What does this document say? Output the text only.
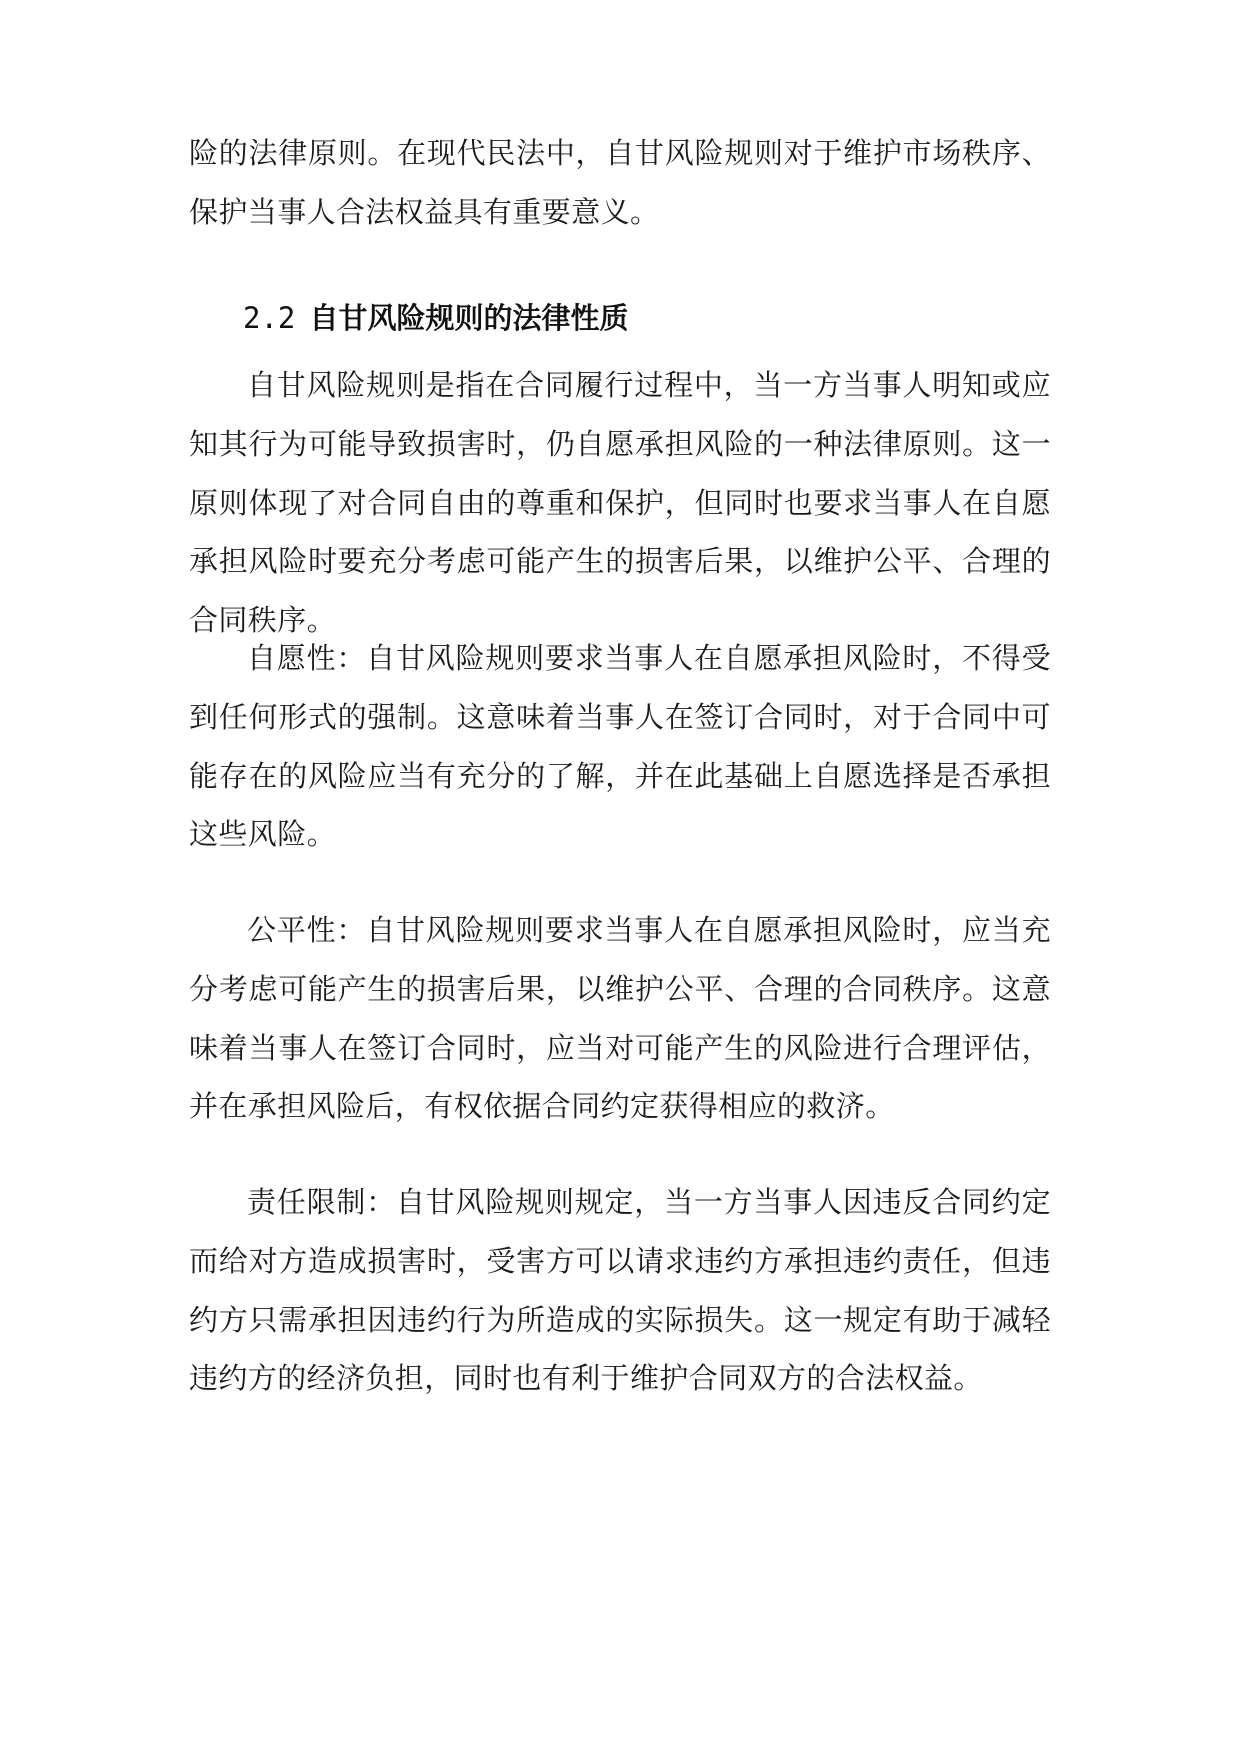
险的法律原则。在现代民法中，自甘风险规则对于维护市场秩序、保护当事人合法权益具有重要意义。

2.2 自甘风险规则的法律性质

自甘风险规则是指在合同履行过程中，当一方当事人明知或应知其行为可能导致损害时，仍自愿承担风险的一种法律原则。这一原则体现了对合同自由的尊重和保护，但同时也要求当事人在自愿承担风险时要充分考虑可能产生的损害后果，以维护公平、合理的合同秩序。

自愿性：自甘风险规则要求当事人在自愿承担风险时，不得受到任何形式的强制。这意味着当事人在签订合同时，对于合同中可能存在的风险应当有充分的了解，并在此基础上自愿选择是否承担这些风险。

公平性：自甘风险规则要求当事人在自愿承担风险时，应当充分考虑可能产生的损害后果，以维护公平、合理的合同秩序。这意味着当事人在签订合同时，应当对可能产生的风险进行合理评估，并在承担风险后，有权依据合同约定获得相应的救济。

责任限制：自甘风险规则规定，当一方当事人因违反合同约定而给对方造成损害时，受害方可以请求违约方承担违约责任，但违约方只需承担因违约行为所造成的实际损失。这一规定有助于减轻违约方的经济负担，同时也有利于维护合同双方的合法权益。
